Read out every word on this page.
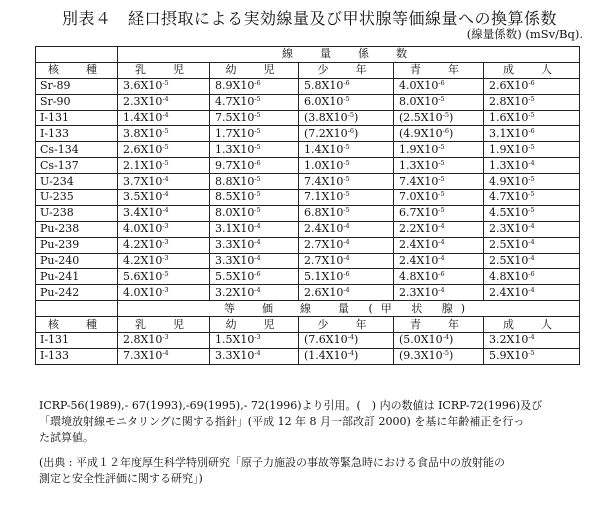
別表４　経口摂取による実効線量及び甲状腺等価線量への換算係数
(線量係数) (mSv/Bq).
	線　量　係　数				
核　種	乳　児	幼　児	少　年	青　年	成　人
Sr-89	$3.6X10^{-5}$	$8.9X10^{-6}$	$5.8X10^{-6}$	$4.0X10^{-6}$	$2.6X10^{-6}$
Sr-90	$2.3X10^{-4}$	$4.7X10^{-5}$	$6.0X10^{-5}$	$8.0X10^{-5}$	$2.8X10^{-5}$
I-131	$1.4X10^{-4}$	$7.5X10^{-5}$	$(3.8X10^{-5})$	$(2.5X10^{-5})$	$1.6X10^{-5}$
I-133	$3.8X10^{-5}$	$1.7X10^{-5}$	$(7.2X10^{-6})$	$(4.9X10^{-6})$	$3.1X10^{-6}$
Cs-134	$2.6X10^{-5}$	$1.3X10^{-5}$	$1.4X10^{-5}$	$1.9X10^{-5}$	$1.9X10^{-5}$
Cs-137	$2.1X10^{-5}$	$9.7X10^{-6}$	$1.0X10^{-5}$	$1.3X10^{-5}$	$1.3X10^{-4}$
U-234	$3.7X10^{-4}$	$8.8X10^{-5}$	$7.4X10^{-5}$	$7.4X10^{-5}$	$4.9X10^{-5}$
U-235	$3.5X10^{-4}$	$8.5X10^{-5}$	$7.1X10^{-5}$	$7.0X10^{-5}$	$4.7X10^{-5}$
U-238	$3.4X10^{-4}$	$8.0X10^{-5}$	$6.8X10^{-5}$	$6.7X10^{-5}$	$4.5X10^{-5}$
Pu-238	$4.0X10^{-3}$	$3.1X10^{-4}$	$2.4X10^{-4}$	$2.2X10^{-4}$	$2.3X10^{-4}$
Pu-239	$4.2X10^{-3}$	$3.3X10^{-4}$	$2.7X10^{-4}$	$2.4X10^{-4}$	$2.5X10^{-4}$
Pu-240	$4.2X10^{-3}$	$3.3X10^{-4}$	$2.7X10^{-4}$	$2.4X10^{-4}$	$2.5X10^{-4}$
Pu-241	$5.6X10^{-5}$	$5.5X10^{-6}$	$5.1X10^{-6}$	$4.8X10^{-6}$	$4.8X10^{-6}$
Pu-242	$4.0X10^{-3}$	$3.2X10^{-4}$	$2.6X10^{-4}$	$2.3X10^{-4}$	$2.4X10^{-4}$
	等　価　線　量 (甲 状 腺)				
核　種	乳　児	幼　児	少　年	青　年	成　人
I-131	$2.8X10^{-3}$	$1.5X10^{-3}$	$(7.6X10^{-4})$	$(5.0X10^{-4})$	$3.2X10^{-4}$
I-133	$7.3X10^{-4}$	$3.3X10^{-4}$	$(1.4X10^{-4})$	$(9.3X10^{-5})$	$5.9X10^{-5}$

ICRP-56(1989),- 67(1993),-69(1995),- 72(1996)より引用。(　) 内の数値は ICRP-72(1996)及び

「環境放射線モニタリングに関する指針」(平成 12 年 8 月一部改訂 2000) を基に年齢補正を行っ

た試算値。

(出典 : 平成１２年度厚生科学特別研究「原子力施設の事故等緊急時における食品中の放射能の

測定と安全性評価に関する研究」)
